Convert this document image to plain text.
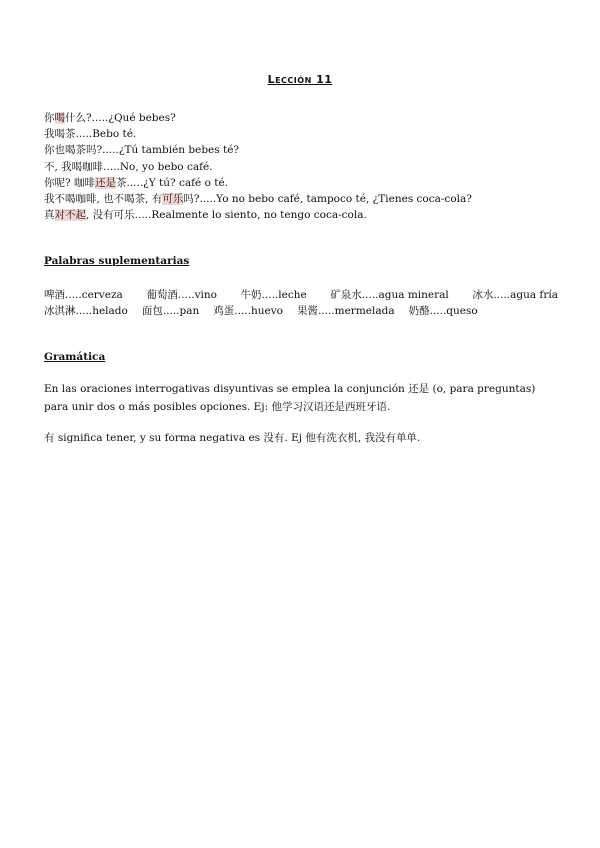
Lección 11
你喝什么?.....¿Qué bebes?
我喝茶.....Bebo té.
你也喝茶吗?.....¿Tú también bebes té?
不, 我喝咖啡.....No, yo bebo café.
你呢? 咖啡还是茶.....¿Y tú? café o té.
我不喝咖啡, 也不喝茶, 有可乐吗?.....Yo no bebo café, tampoco té, ¿Tienes coca-cola?
真对不起, 没有可乐.....Realmente lo siento, no tengo coca-cola.
Palabras suplementarias
啤酒.....cerveza 葡萄酒.....vino 牛奶.....leche 矿泉水.....agua mineral 冰水.....agua fría
冰淇淋.....helado 面包.....pan 鸡蛋.....huevo 果酱.....mermelada 奶酪.....queso
Gramática
En las oraciones interrogativas disyuntivas se emplea la conjunción 还是 (o, para preguntas) para unir dos o más posibles opciones. Ej: 他学习汉语还是西班牙语.
有 significa tener, y su forma negativa es 没有. Ej 他有洗衣机, 我没有单单.
